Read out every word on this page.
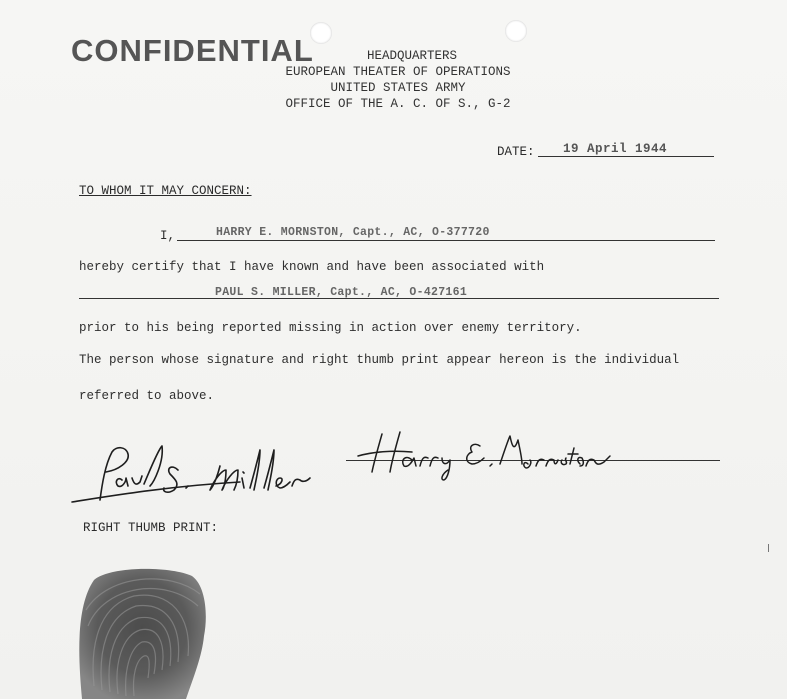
CONFIDENTIAL	HEADQUARTERS
EUROPEAN THEATER OF OPERATIONS
UNITED STATES ARMY
OFFICE OF THE A. C. OF S., G-2
DATE: 19 April 1944
TO WHOM IT MAY CONCERN:
I,	HARRY E. MORNSTON, Capt., AC, O-377720
hereby certify that I have known and have been associated with
PAUL S. MILLER, Capt., AC, O-427161
prior to his being reported missing in action over enemy territory.
The person whose signature and right thumb print appear hereon is the individual
referred to above.
RIGHT THUMB PRINT:
